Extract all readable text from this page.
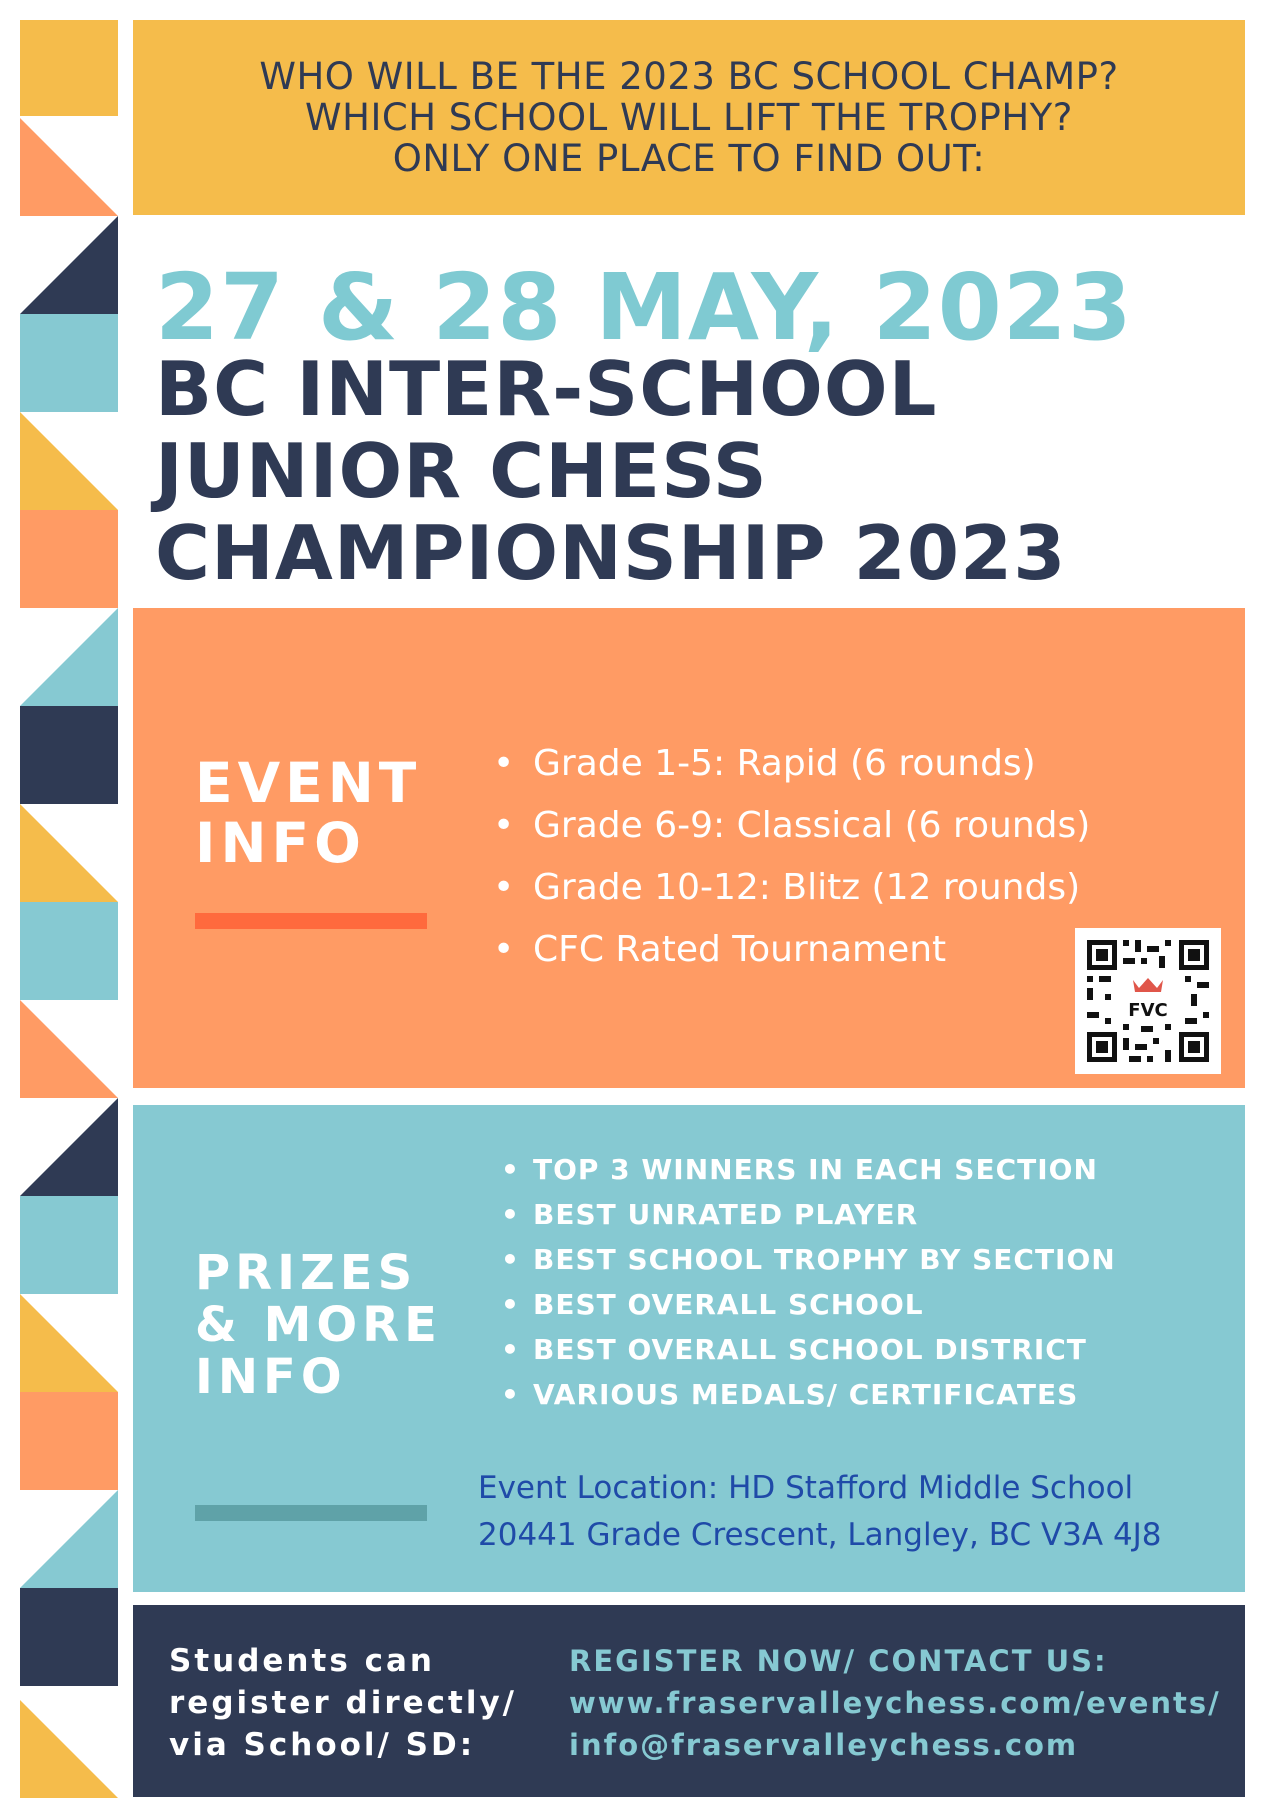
WHO WILL BE THE 2023 BC SCHOOL CHAMP?
WHICH SCHOOL WILL LIFT THE TROPHY?
ONLY ONE PLACE TO FIND OUT:
27 & 28 MAY, 2023
BC INTER-SCHOOL
JUNIOR CHESS
CHAMPIONSHIP 2023
EVENT
INFO
• Grade 1-5: Rapid (6 rounds)
• Grade 6-9: Classical (6 rounds)
• Grade 10-12: Blitz (12 rounds)
• CFC Rated Tournament
FVC
PRIZES
& MORE
INFO
• TOP 3 WINNERS IN EACH SECTION
• BEST UNRATED PLAYER
• BEST SCHOOL TROPHY BY SECTION
• BEST OVERALL SCHOOL
• BEST OVERALL SCHOOL DISTRICT
• VARIOUS MEDALS/ CERTIFICATES
Event Location: HD Stafford Middle School
20441 Grade Crescent, Langley, BC V3A 4J8
Students can
register directly/
via School/ SD:
REGISTER NOW/ CONTACT US:
www.fraservalleychess.com/events/
info@fraservalleychess.com
